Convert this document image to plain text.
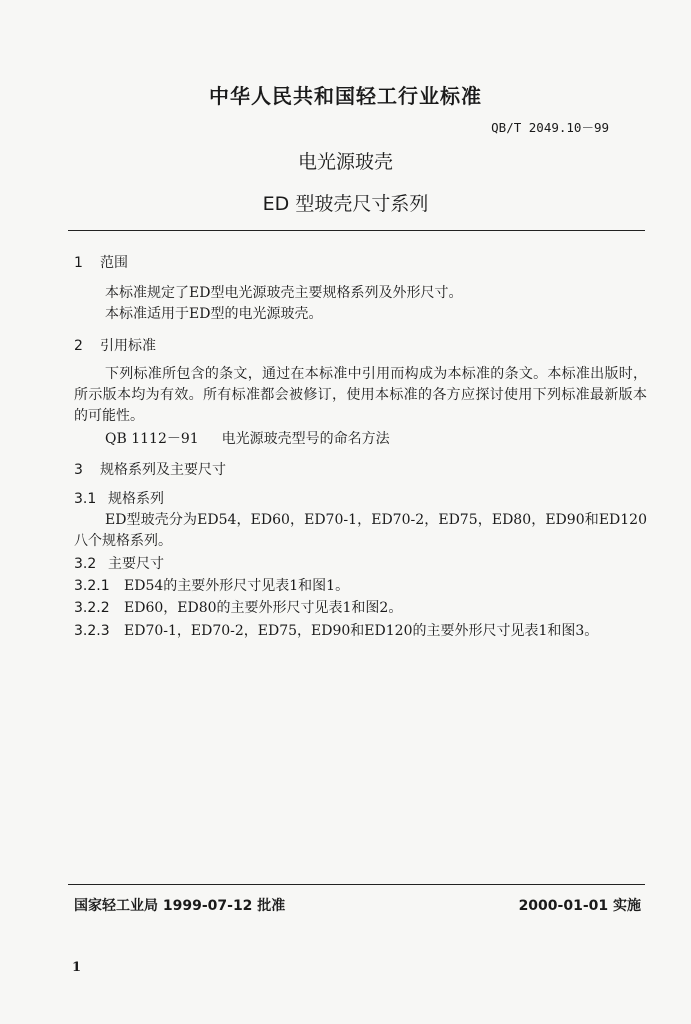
中华人民共和国轻工行业标准
QB/T 2049.10－99
电光源玻壳
ED 型玻壳尺寸系列
1 范围
本标准规定了ED型电光源玻壳主要规格系列及外形尺寸。
本标准适用于ED型的电光源玻壳。
2 引用标准
下列标准所包含的条文，通过在本标准中引用而构成为本标准的条文。本标准出版时，所示版本均为有效。所有标准都会被修订，使用本标准的各方应探讨使用下列标准最新版本的可能性。
QB 1112－91 电光源玻壳型号的命名方法
3 规格系列及主要尺寸
3.1 规格系列
ED型玻壳分为ED54，ED60，ED70-1，ED70-2，ED75，ED80，ED90和ED120八个规格系列。
3.2 主要尺寸
3.2.1 ED54的主要外形尺寸见表1和图1。
3.2.2 ED60，ED80的主要外形尺寸见表1和图2。
3.2.3 ED70-1，ED70-2，ED75，ED90和ED120的主要外形尺寸见表1和图3。
国家轻工业局 1999-07-12 批准	2000-01-01 实施
1
